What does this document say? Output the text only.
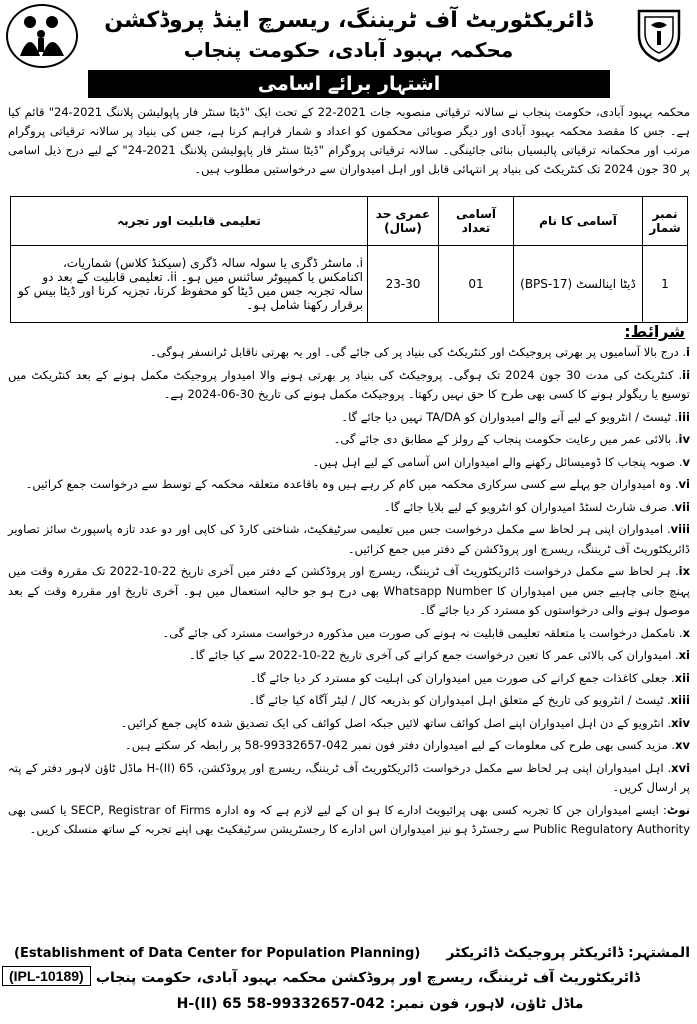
ڈائریکٹوریٹ آف ٹریننگ، ریسرچ اینڈ پروڈکشن
محکمہ بہبود آبادی، حکومت پنجاب
اشتہار برائے اسامی
محکمہ بہبود آبادی، حکومت پنجاب نے سالانہ ترقیاتی منصوبہ جات 2021-22 کے تحت ایک "ڈیٹا سنٹر فار پاپولیشن پلاننگ 2021-24" قائم کیا ہے۔ جس کا مقصد محکمہ بہبود آبادی اور دیگر صوبائی محکموں کو اعداد و شمار فراہم کرنا ہے، جس کی بنیاد پر سالانہ ترقیاتی پروگرام مرتب اور محکمانہ ترقیاتی پالیسیاں بنائی جائینگی۔ سالانہ ترقیاتی پروگرام "ڈیٹا سنٹر فار پاپولیشن پلاننگ 2021-24" کے لیے درج ذیل اسامی پر 30 جون 2024 تک کنٹریکٹ کی بنیاد پر انتہائی قابل اور اہل امیدواران سے درخواستیں مطلوب ہیں۔
نمبر شمار	آسامی کا نام	آسامی تعداد	عمری حد (سال)	تعلیمی قابلیت اور تجربہ
1	ڈیٹا اینالسٹ (BPS-17)	01	23-30	i. ماسٹر ڈگری یا سولہ سالہ ڈگری (سیکنڈ کلاس) شماریات، اکنامکس یا کمپیوٹر سائنس میں ہو۔ ii. تعلیمی قابلیت کے بعد دو سالہ تجربہ جس میں ڈیٹا کو محفوظ کرنا، تجزیہ کرنا اور ڈیٹا بیس کو برقرار رکھنا شامل ہو۔
شرائط:
i. درج بالا آسامیوں پر بھرتی پروجیکٹ اور کنٹریکٹ کی بنیاد پر کی جائے گی۔ اور یہ بھرتی ناقابل ٹرانسفر ہوگی۔
ii. کنٹریکٹ کی مدت 30 جون 2024 تک ہوگی۔ پروجیکٹ کی بنیاد پر بھرتی ہونے والا امیدوار پروجیکٹ مکمل ہونے کے بعد کنٹریکٹ میں توسیع یا ریگولر ہونے کا کسی بھی طرح کا حق نہیں رکھتا۔ پروجیکٹ مکمل ہونے کی تاریخ 30-06-2024 ہے۔
iii. ٹیسٹ / انٹرویو کے لیے آنے والے امیدواران کو TA/DA نہیں دیا جائے گا۔
iv. بالائی عمر میں رعایت حکومت پنجاب کے رولز کے مطابق دی جائے گی۔
v. صوبہ پنجاب کا ڈومیسائل رکھنے والے امیدواران اس آسامی کے لیے اہل ہیں۔
vi. وہ امیدواران جو پہلے سے کسی سرکاری محکمہ میں کام کر رہے ہیں وہ باقاعدہ متعلقہ محکمہ کے توسط سے درخواست جمع کرائیں۔
vii. صرف شارٹ لسٹڈ امیدواران کو انٹرویو کے لیے بلایا جائے گا۔
viii. امیدواران اپنی ہر لحاظ سے مکمل درخواست جس میں تعلیمی سرٹیفکیٹ، شناختی کارڈ کی کاپی اور دو عدد تازہ پاسپورٹ سائز تصاویر ڈائریکٹوریٹ آف ٹریننگ، ریسرچ اور پروڈکشن کے دفتر میں جمع کرائیں۔
ix. ہر لحاظ سے مکمل درخواست ڈائریکٹوریٹ آف ٹریننگ، ریسرچ اور پروڈکشن کے دفتر میں آخری تاریخ 22-10-2022 تک مقررہ وقت میں پہنچ جانی چاہیے جس میں امیدواران کا Whatsapp Number بھی درج ہو جو حالیہ استعمال میں ہو۔ آخری تاریخ اور مقررہ وقت کے بعد موصول ہونے والی درخواستوں کو مسترد کر دیا جائے گا۔
x. نامکمل درخواست یا متعلقہ تعلیمی قابلیت نہ ہونے کی صورت میں مذکورہ درخواست مسترد کی جائے گی۔
xi. امیدواران کی بالائی عمر کا تعین درخواست جمع کرانے کی آخری تاریخ 22-10-2022 سے کیا جائے گا۔
xii. جعلی کاغذات جمع کرانے کی صورت میں امیدواران کی اہلیت کو مسترد کر دیا جائے گا۔
xiii. ٹیسٹ / انٹرویو کی تاریخ کے متعلق اہل امیدواران کو بذریعہ کال / لیٹر آگاہ کیا جائے گا۔
xiv. انٹرویو کے دن اہل امیدواران اپنے اصل کوائف ساتھ لائیں جبکہ اصل کوائف کی ایک تصدیق شدہ کاپی جمع کرائیں۔
xv. مزید کسی بھی طرح کی معلومات کے لیے امیدواران دفتر فون نمبر 042-99332657-58 پر رابطہ کر سکتے ہیں۔
xvi. اہل امیدواران اپنی ہر لحاظ سے مکمل درخواست ڈائریکٹوریٹ آف ٹریننگ، ریسرچ اور پروڈکشن، H-(II) 65 ماڈل ٹاؤن لاہور دفتر کے پتہ پر ارسال کریں۔
نوٹ: ایسے امیدواران جن کا تجربہ کسی بھی پرائیویٹ ادارے کا ہو ان کے لیے لازم ہے کہ وہ ادارہ SECP, Registrar of Firms یا کسی بھی Public Regulatory Authority سے رجسٹرڈ ہو نیز امیدواران اس ادارے کا رجسٹریشن سرٹیفکیٹ بھی اپنے تجربہ کے ساتھ منسلک کریں۔
(Establishment of Data Center for Population Planning) المشتہر: ڈائریکٹر پروجیکٹ ڈائریکٹر
(IPL-10189) ڈائریکٹوریٹ آف ٹریننگ، ریسرچ اور پروڈکشن محکمہ بہبود آبادی، حکومت پنجاب
H-(II) 65 ماڈل ٹاؤن، لاہور، فون نمبر: 042-99332657-58
